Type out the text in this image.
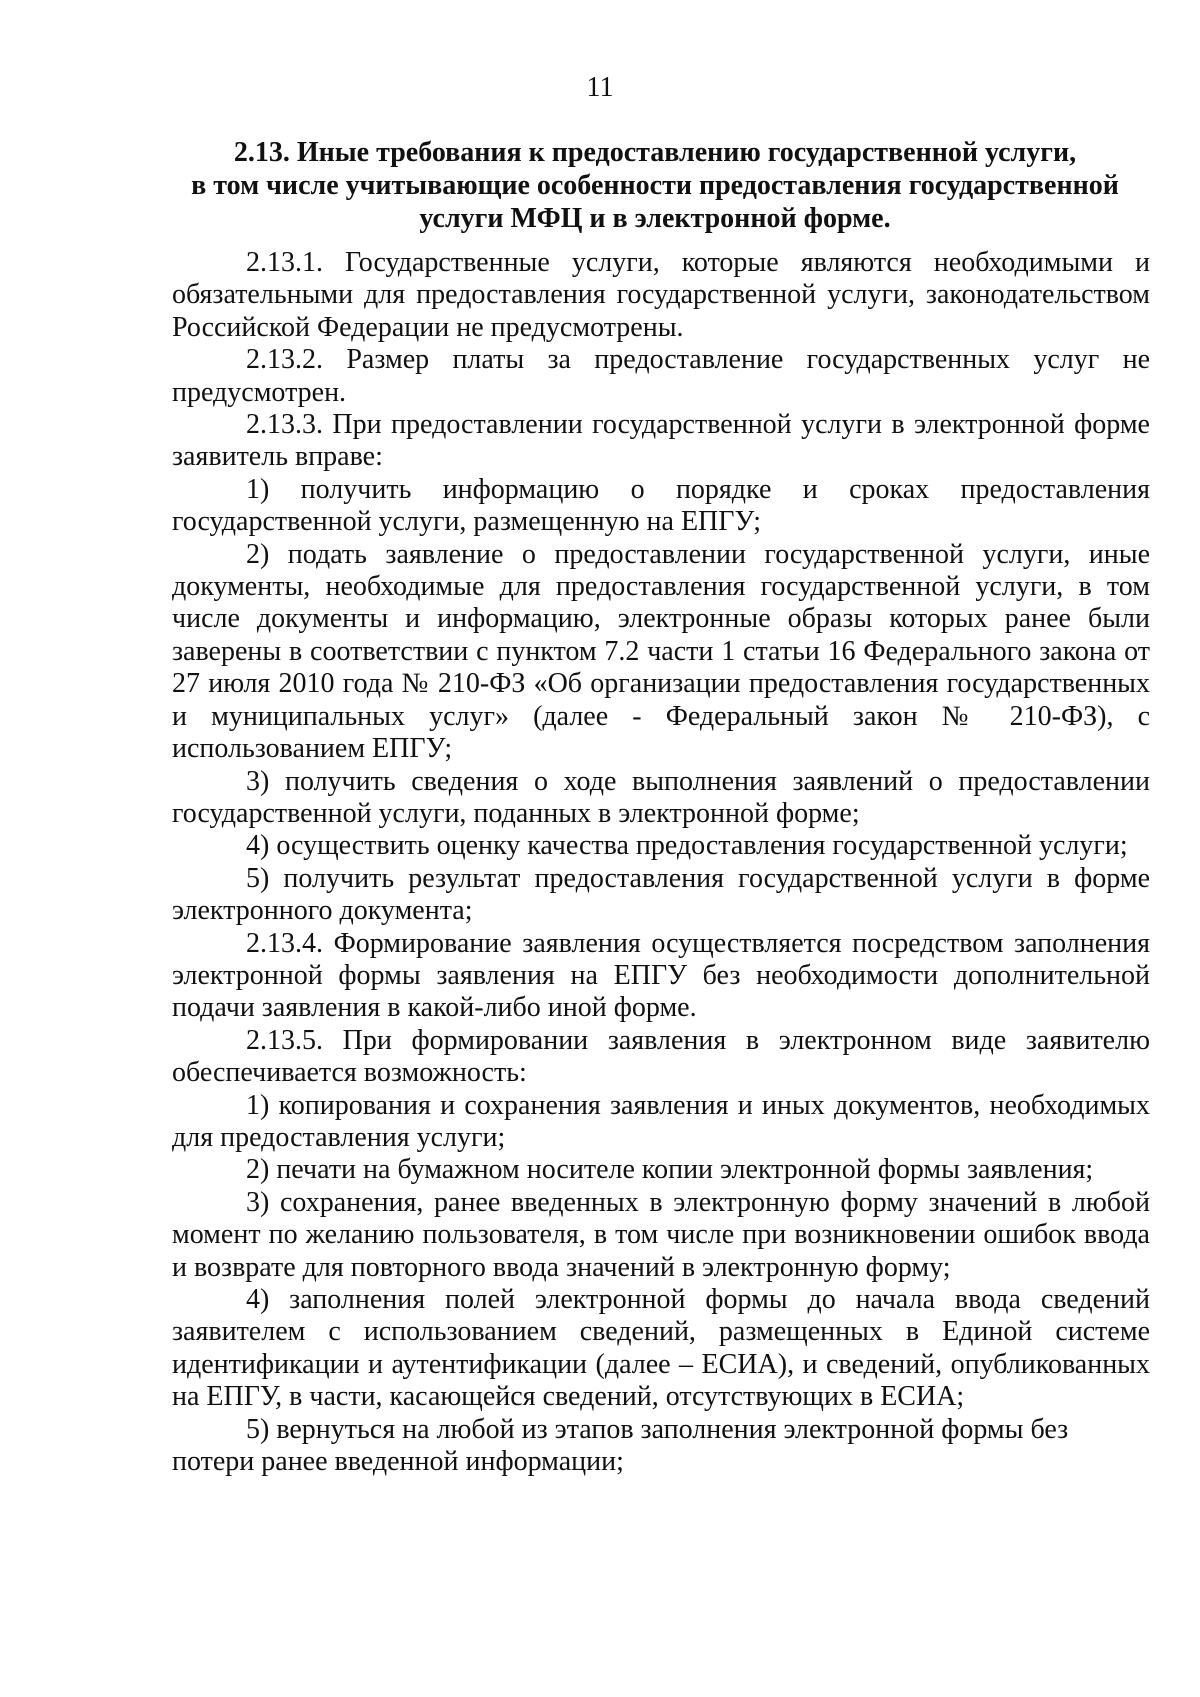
11
2.13. Иные требования к предоставлению государственной услуги,
в том числе учитывающие особенности предоставления государственной
услуги МФЦ и в электронной форме.

2.13.1. Государственные услуги, которые являются необходимыми и обязательными для предоставления государственной услуги, законодательством Российской Федерации не предусмотрены.

2.13.2. Размер платы за предоставление государственных услуг не предусмотрен.

2.13.3. При предоставлении государственной услуги в электронной форме заявитель вправе:

1) получить информацию о порядке и сроках предоставления государственной услуги, размещенную на ЕПГУ;

2) подать заявление о предоставлении государственной услуги, иные документы, необходимые для предоставления государственной услуги, в том числе документы и информацию, электронные образы которых ранее были заверены в соответствии с пунктом 7.2 части 1 статьи 16 Федерального закона от 27 июля 2010 года № 210-ФЗ «Об организации предоставления государственных и муниципальных услуг» (далее - Федеральный закон № 210-ФЗ), с использованием ЕПГУ;

3) получить сведения о ходе выполнения заявлений о предоставлении государственной услуги, поданных в электронной форме;

4) осуществить оценку качества предоставления государственной услуги;

5) получить результат предоставления государственной услуги в форме электронного документа;

2.13.4. Формирование заявления осуществляется посредством заполнения электронной формы заявления на ЕПГУ без необходимости дополнительной подачи заявления в какой-либо иной форме.

2.13.5. При формировании заявления в электронном виде заявителю обеспечивается возможность:

1) копирования и сохранения заявления и иных документов, необходимых для предоставления услуги;

2) печати на бумажном носителе копии электронной формы заявления;

3) сохранения, ранее введенных в электронную форму значений в любой момент по желанию пользователя, в том числе при возникновении ошибок ввода и возврате для повторного ввода значений в электронную форму;

4) заполнения полей электронной формы до начала ввода сведений заявителем с использованием сведений, размещенных в Единой системе идентификации и аутентификации (далее – ЕСИА), и сведений, опубликованных на ЕПГУ, в части, касающейся сведений, отсутствующих в ЕСИА;

5) вернуться на любой из этапов заполнения электронной формы без потери ранее введенной информации;
